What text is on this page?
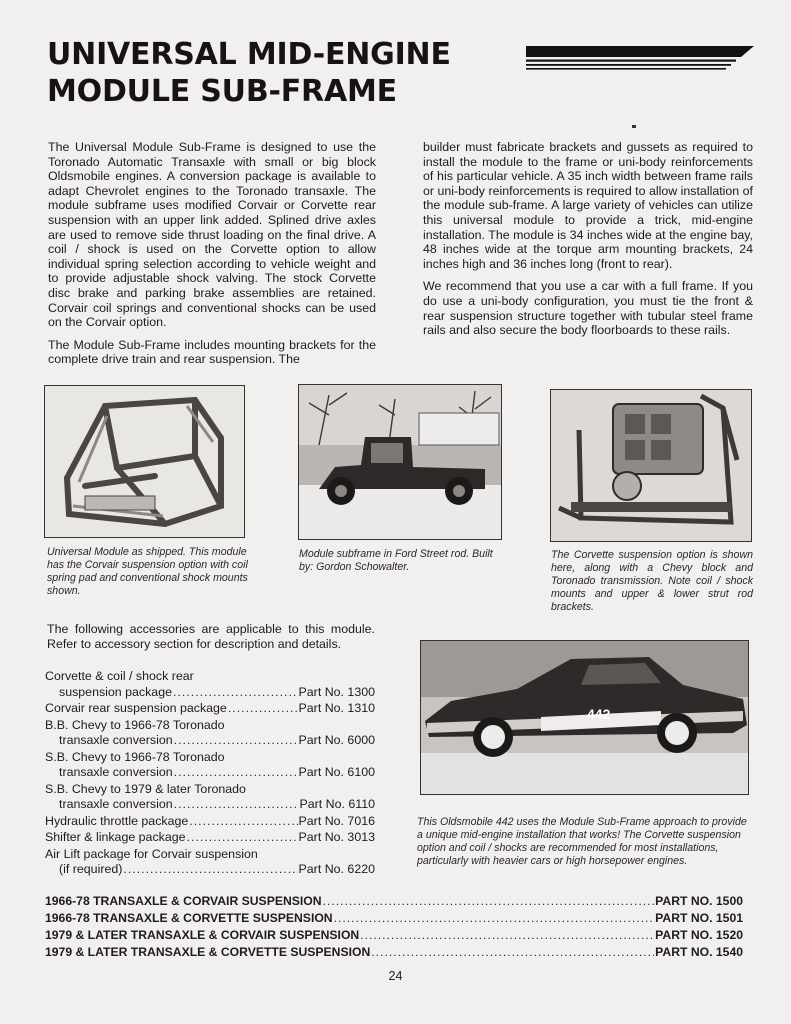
UNIVERSAL MID-ENGINE
MODULE SUB-FRAME

The Universal Module Sub-Frame is designed to use the Toronado Automatic Transaxle with small or big block Oldsmobile engines. A conversion package is available to adapt Chevrolet engines to the Toronado transaxle. The module subframe uses modified Corvair or Corvette rear suspension with an upper link added. Splined drive axles are used to remove side thrust loading on the final drive. A coil / shock is used on the Corvette option to allow individual spring selection according to vehicle weight and to provide adjustable shock valving. The stock Corvette disc brake and parking brake assemblies are retained. Corvair coil springs and conventional shocks can be used on the Corvair option.

The Module Sub-Frame includes mounting brackets for the complete drive train and rear suspension. The

builder must fabricate brackets and gussets as required to install the module to the frame or uni-body reinforcements of his particular vehicle. A 35 inch width between frame rails or uni-body reinforcements is required to allow installation of the module sub-frame. A large variety of vehicles can utilize this universal module to provide a trick, mid-engine installation. The module is 34 inches wide at the engine bay, 48 inches wide at the torque arm mounting brackets, 24 inches high and 36 inches long (front to rear).

We recommend that you use a car with a full frame. If you do use a uni-body configuration, you must tie the front & rear suspension structure together with tubular steel frame rails and also secure the body floorboards to these rails.

Universal Module as shipped. This module has the Corvair suspension option with coil spring pad and conventional shock mounts shown.
Module subframe in Ford Street rod. Built by: Gordon Schowalter.
The Corvette suspension option is shown here, along with a Chevy block and Toronado transmission. Note coil / shock mounts and upper & lower strut rod brackets.

The following accessories are applicable to this module. Refer to accessory section for description and details.

Corvette & coil / shock rear
suspension package .....	Part No. 1300
Corvair rear suspension package .....	Part No. 1310
B.B. Chevy to 1966-78 Toronado
transaxle conversion .....	Part No. 6000
S.B. Chevy to 1966-78 Toronado
transaxle conversion .....	Part No. 6100
S.B. Chevy to 1979 & later Toronado
transaxle conversion .....	Part No. 6110
Hydraulic throttle package .....	Part No. 7016
Shifter & linkage package .....	Part No. 3013
Air Lift package for Corvair suspension
(if required) .....	Part No. 6220
442
This Oldsmobile 442 uses the Module Sub-Frame approach to provide a unique mid-engine installation that works! The Corvette suspension option and coil / shocks are recommended for most installations, particularly with heavier cars or high horsepower engines.
1966-78 TRANSAXLE & CORVAIR SUSPENSION .....	PART NO. 1500
1966-78 TRANSAXLE & CORVETTE SUSPENSION .....	PART NO. 1501
1979 & LATER TRANSAXLE & CORVAIR SUSPENSION .....	PART NO. 1520
1979 & LATER TRANSAXLE & CORVETTE SUSPENSION .....	PART NO. 1540
24
